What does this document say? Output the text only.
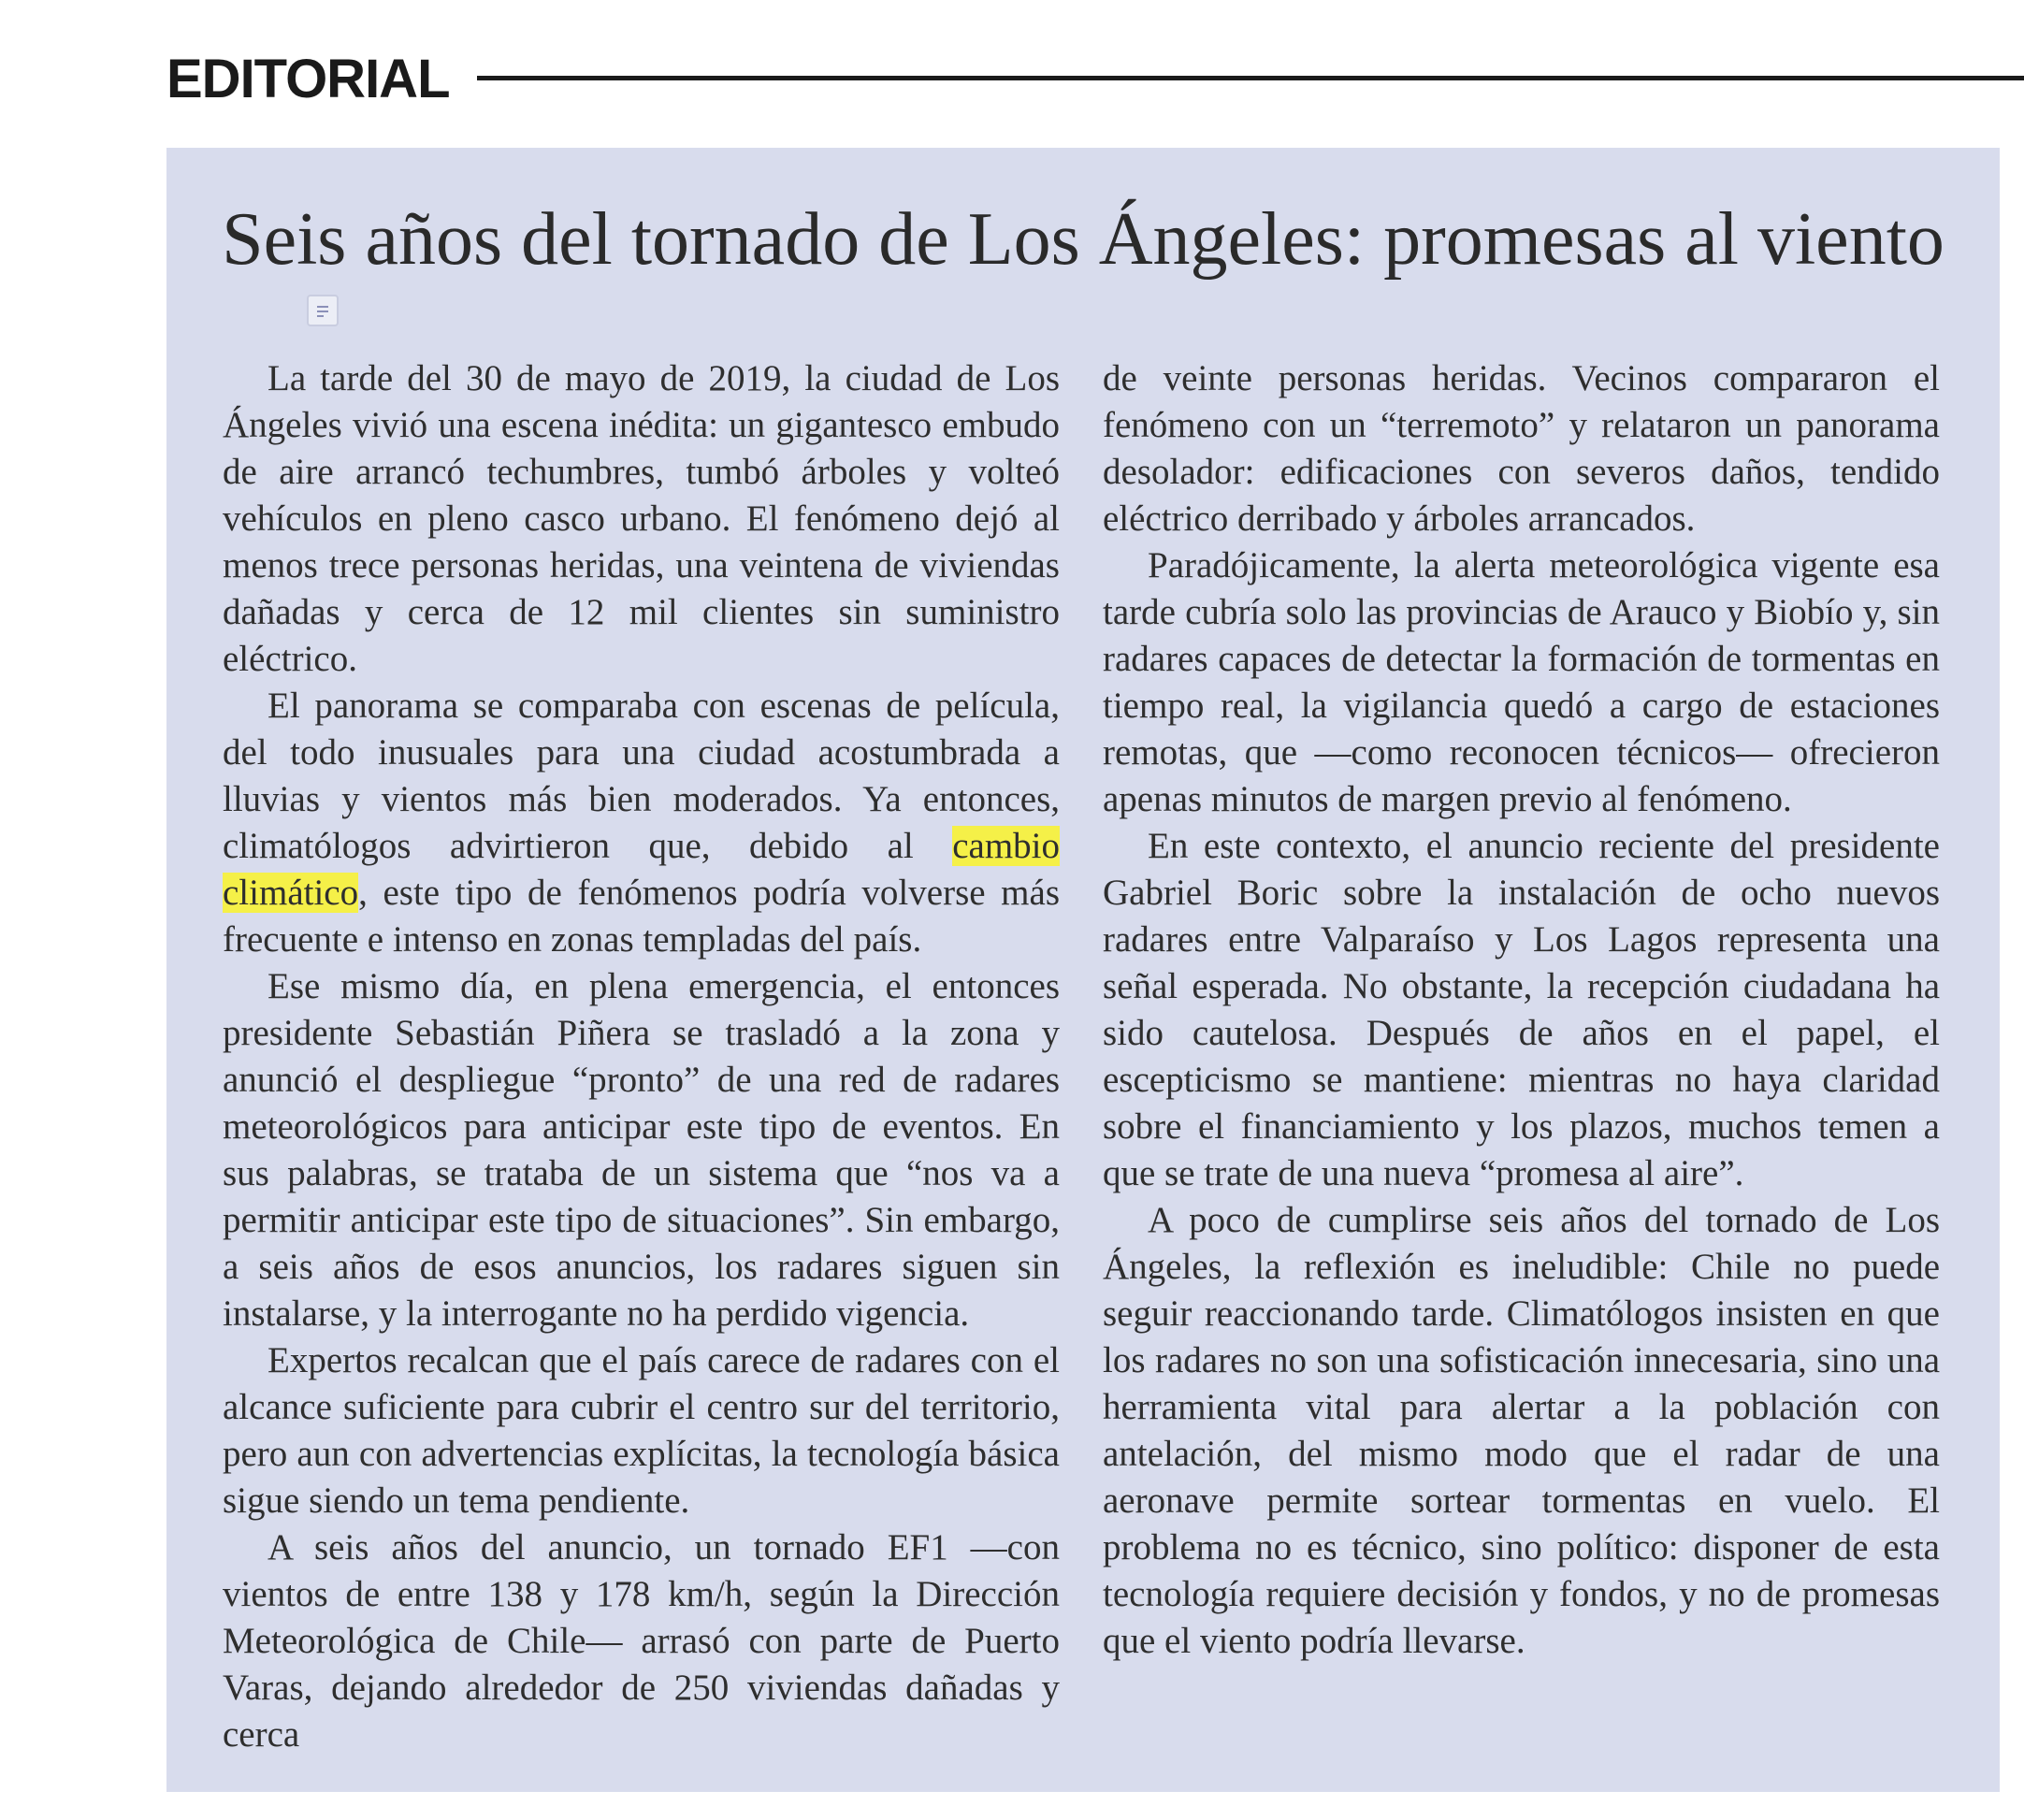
EDITORIAL
Seis años del tornado de Los Ángeles: promesas al viento

La tarde del 30 de mayo de 2019, la ciudad de Los Ángeles vivió una escena inédita: un gigantesco embudo de aire arrancó techumbres, tumbó árboles y volteó vehículos en pleno casco urbano. El fenómeno dejó al menos trece personas heridas, una veintena de viviendas dañadas y cerca de 12 mil clientes sin suministro eléctrico.

El panorama se comparaba con escenas de película, del todo inusuales para una ciudad acostumbrada a lluvias y vientos más bien moderados. Ya entonces, climatólogos advirtieron que, debido al cambio climático, este tipo de fenómenos podría volverse más frecuente e intenso en zonas templadas del país.

Ese mismo día, en plena emergencia, el entonces presidente Sebastián Piñera se trasladó a la zona y anunció el despliegue “pronto” de una red de radares meteorológicos para anticipar este tipo de eventos. En sus palabras, se trataba de un sistema que “nos va a permitir anticipar este tipo de situaciones”. Sin embargo, a seis años de esos anuncios, los radares siguen sin instalarse, y la interrogante no ha perdido vigencia.

Expertos recalcan que el país carece de radares con el alcance suficiente para cubrir el centro sur del territorio, pero aun con advertencias explícitas, la tecnología básica sigue siendo un tema pendiente.

A seis años del anuncio, un tornado EF1 —con vientos de entre 138 y 178 km/h, según la Dirección Meteorológica de Chile— arrasó con parte de Puerto Varas, dejando alrededor de 250 viviendas dañadas y cerca

de veinte personas heridas. Vecinos compararon el fenómeno con un “terremoto” y relataron un panorama desolador: edificaciones con severos daños, tendido eléctrico derribado y árboles arrancados.

Paradójicamente, la alerta meteorológica vigente esa tarde cubría solo las provincias de Arauco y Biobío y, sin radares capaces de detectar la formación de tormentas en tiempo real, la vigilancia quedó a cargo de estaciones remotas, que —como reconocen técnicos— ofrecieron apenas minutos de margen previo al fenómeno.

En este contexto, el anuncio reciente del presidente Gabriel Boric sobre la instalación de ocho nuevos radares entre Valparaíso y Los Lagos representa una señal esperada. No obstante, la recepción ciudadana ha sido cautelosa. Después de años en el papel, el escepticismo se mantiene: mientras no haya claridad sobre el financiamiento y los plazos, muchos temen a que se trate de una nueva “promesa al aire”.

A poco de cumplirse seis años del tornado de Los Ángeles, la reflexión es ineludible: Chile no puede seguir reaccionando tarde. Climatólogos insisten en que los radares no son una sofisticación innecesaria, sino una herramienta vital para alertar a la población con antelación, del mismo modo que el radar de una aeronave permite sortear tormentas en vuelo. El problema no es técnico, sino político: disponer de esta tecnología requiere decisión y fondos, y no de promesas que el viento podría llevarse.
